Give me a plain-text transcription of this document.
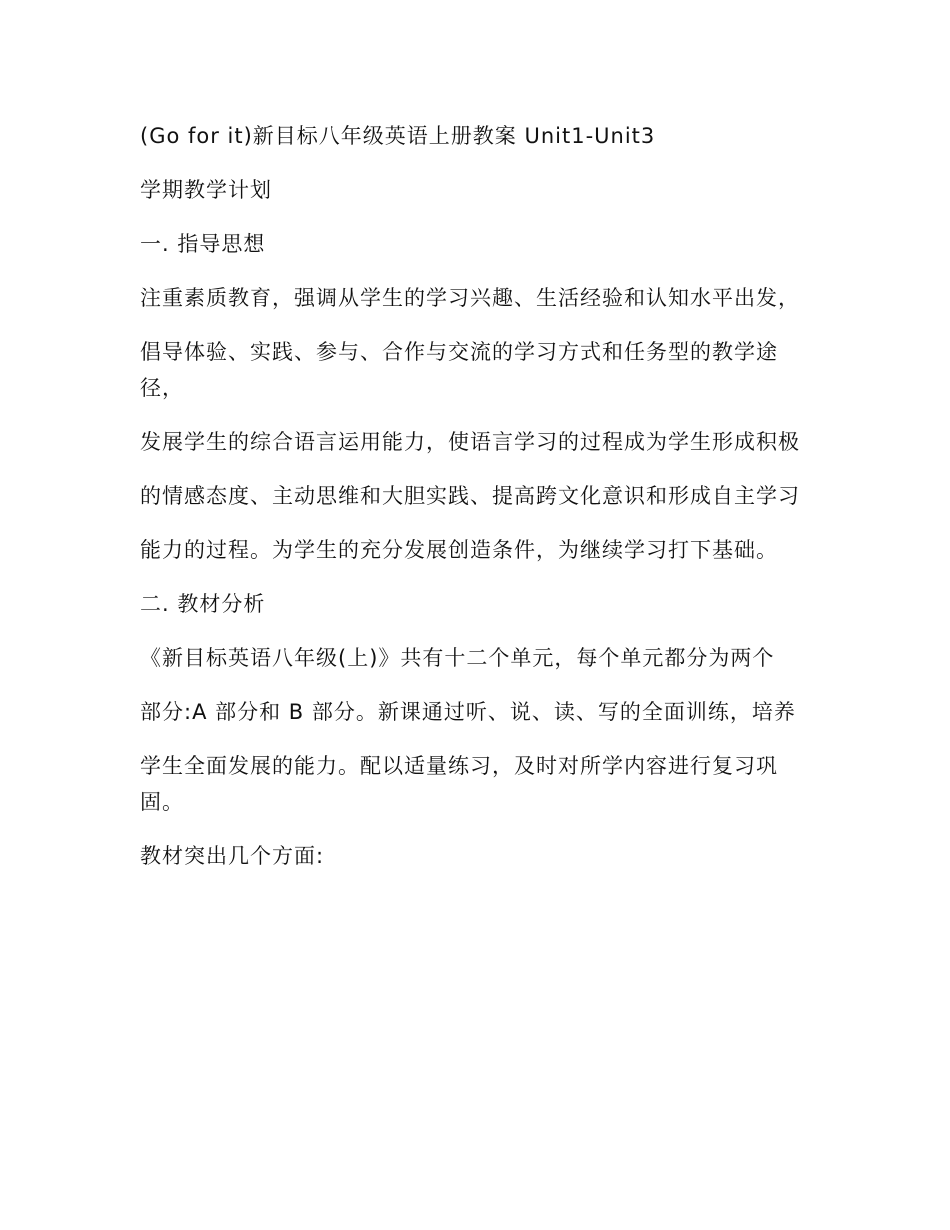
(Go for it)新目标八年级英语上册教案 Unit1-Unit3

学期教学计划

一. 指导思想

注重素质教育，强调从学生的学习兴趣、生活经验和认知水平出发，

倡导体验、实践、参与、合作与交流的学习方式和任务型的教学途径，

发展学生的综合语言运用能力，使语言学习的过程成为学生形成积极

的情感态度、主动思维和大胆实践、提高跨文化意识和形成自主学习

能力的过程。为学生的充分发展创造条件，为继续学习打下基础。

二. 教材分析

《新目标英语八年级(上)》共有十二个单元，每个单元都分为两个

部分:A 部分和 B 部分。新课通过听、说、读、写的全面训练，培养

学生全面发展的能力。配以适量练习，及时对所学内容进行复习巩固。

教材突出几个方面:
